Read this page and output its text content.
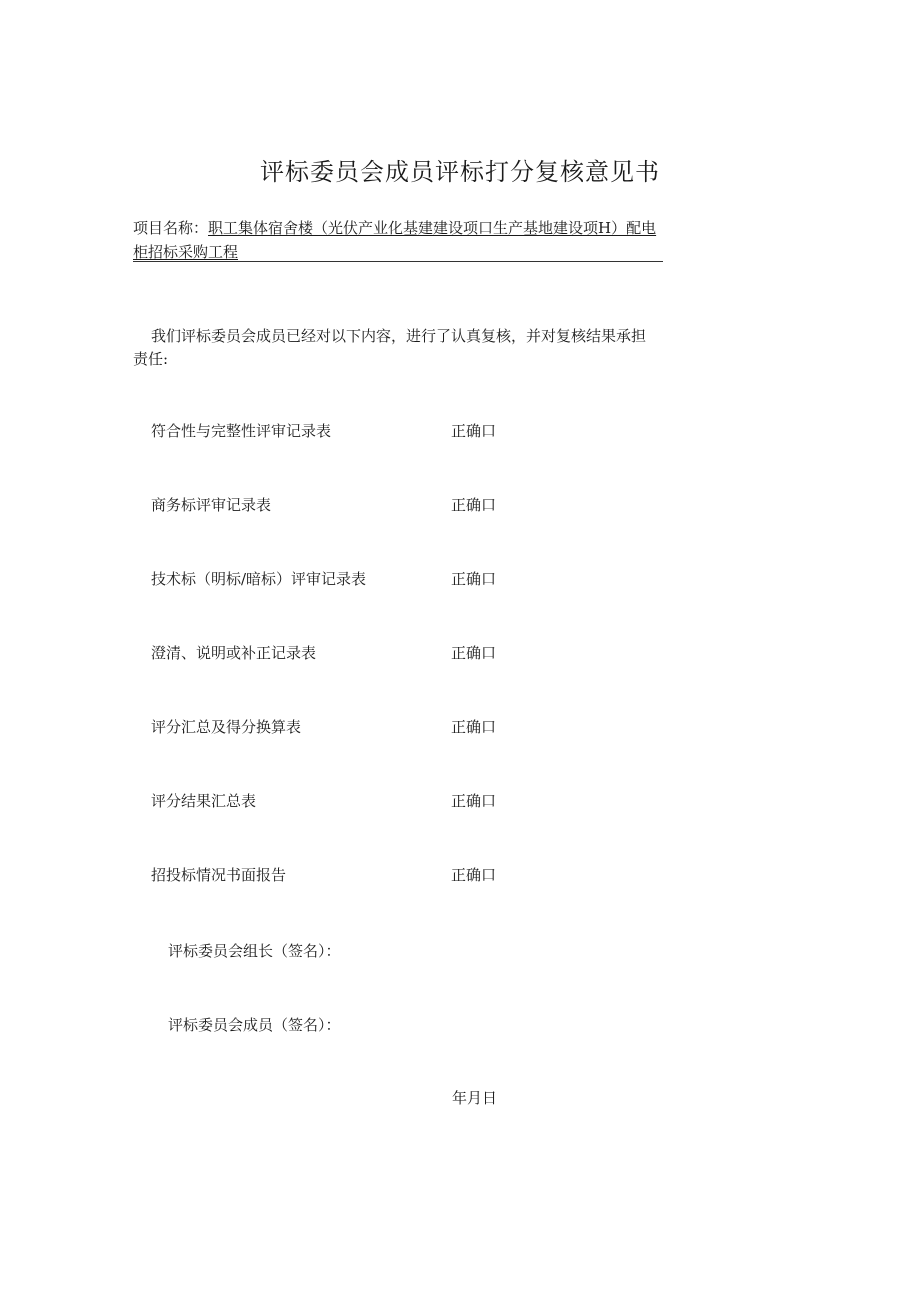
评标委员会成员评标打分复核意见书
项目名称：职工集体宿舍楼（光伏产业化基建建设项口生产基地建设项H）配电柜招标采购工程
我们评标委员会成员已经对以下内容，进行了认真复核，并对复核结果承担责任:
符合性与完整性评审记录表	正确口
商务标评审记录表	正确口
技术标（明标/暗标）评审记录表	正确口
澄清、说明或补正记录表	正确口
评分汇总及得分换算表	正确口
评分结果汇总表	正确口
招投标情况书面报告	正确口
评标委员会组长（签名）：
评标委员会成员（签名）：
年月日
